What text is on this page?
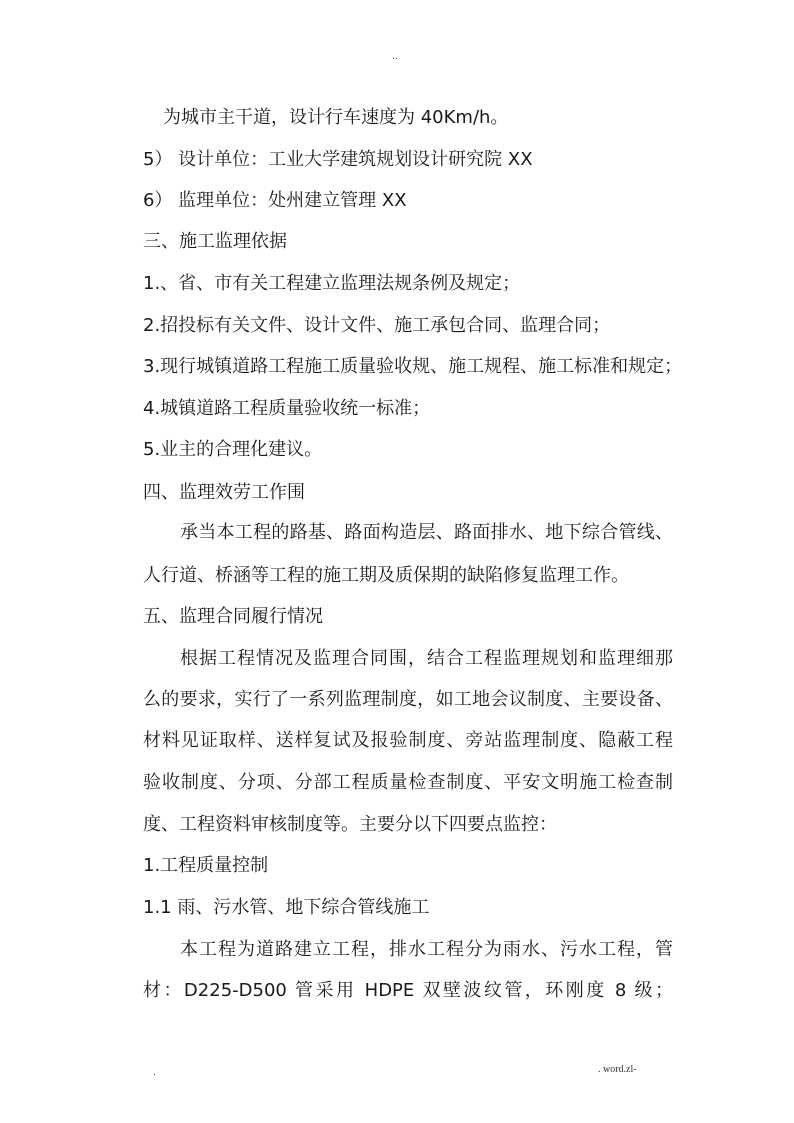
..
为城市主干道，设计行车速度为 40Km/h。
5） 设计单位：工业大学建筑规划设计研究院 XX
6） 监理单位：处州建立管理 XX
三、施工监理依据
1.、省、市有关工程建立监理法规条例及规定；
2.招投标有关文件、设计文件、施工承包合同、监理合同；
3.现行城镇道路工程施工质量验收规、施工规程、施工标准和规定；
4.城镇道路工程质量验收统一标准；
5.业主的合理化建议。
四、监理效劳工作围
承当本工程的路基、路面构造层、路面排水、地下综合管线、
人行道、桥涵等工程的施工期及质保期的缺陷修复监理工作。
五、监理合同履行情况
根据工程情况及监理合同围，结合工程监理规划和监理细那
么的要求，实行了一系列监理制度，如工地会议制度、主要设备、
材料见证取样、送样复试及报验制度、旁站监理制度、隐蔽工程
验收制度、分项、分部工程质量检查制度、平安文明施工检查制
度、工程资料审核制度等。主要分以下四要点监控：
1.工程质量控制
1.1 雨、污水管、地下综合管线施工
本工程为道路建立工程，排水工程分为雨水、污水工程，管
材：D225-D500 管采用 HDPE 双壁波纹管，环刚度 8 级；
.	. word.zl-
